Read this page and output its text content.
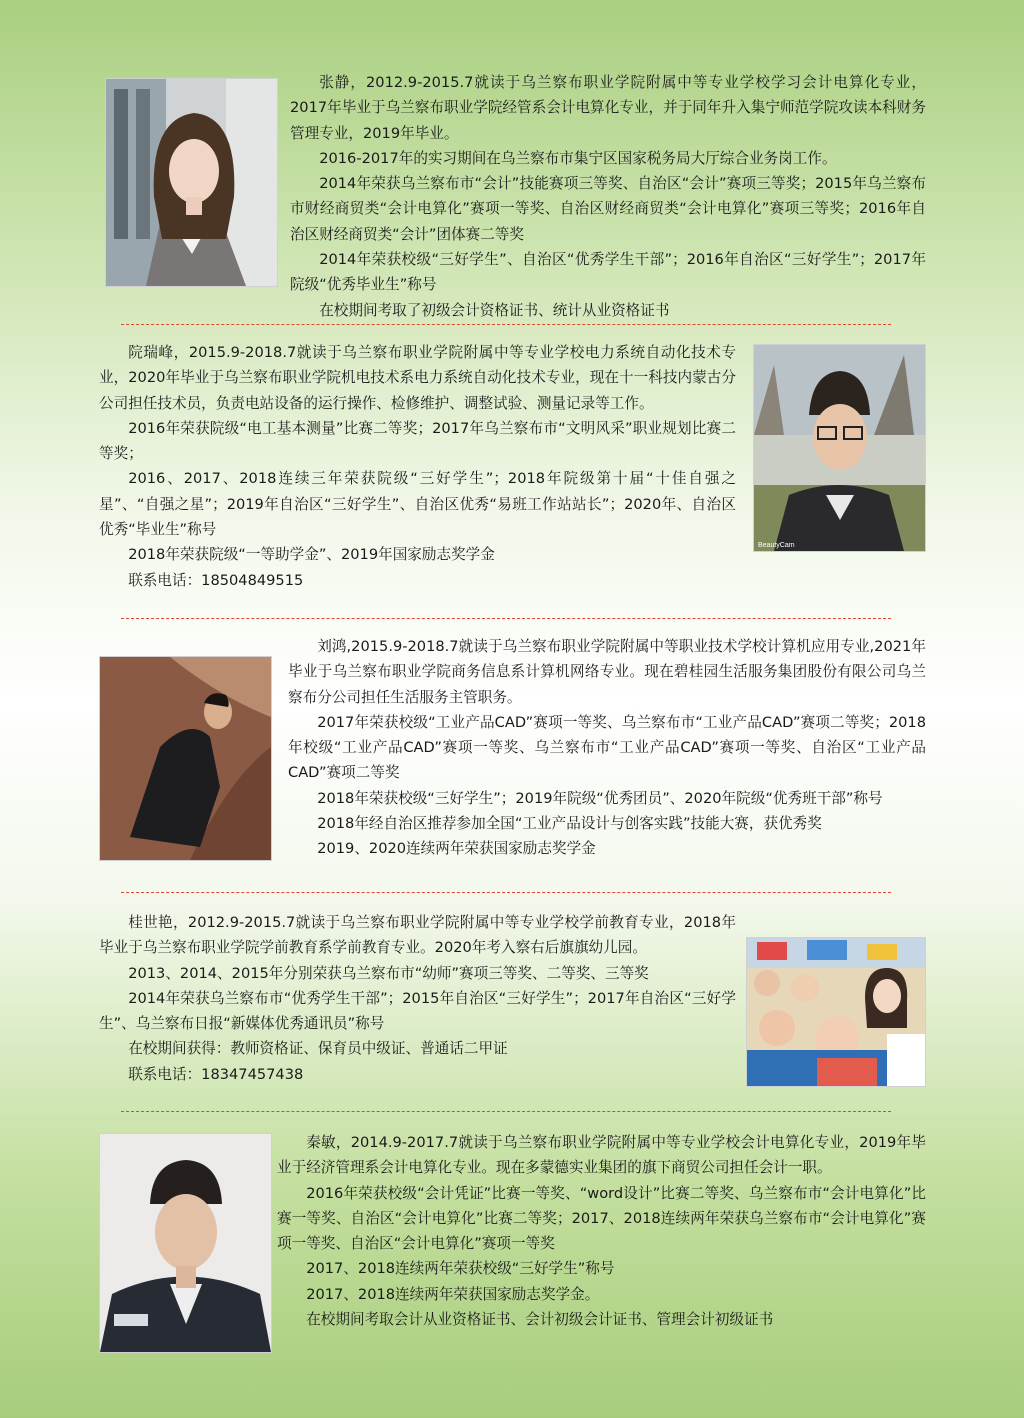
张静，2012.9-2015.7就读于乌兰察布职业学院附属中等专业学校学习会计电算化专业，2017年毕业于乌兰察布职业学院经管系会计电算化专业，并于同年升入集宁师范学院攻读本科财务管理专业，2019年毕业。

2016-2017年的实习期间在乌兰察布市集宁区国家税务局大厅综合业务岗工作。

2014年荣获乌兰察布市“会计”技能赛项三等奖、自治区“会计”赛项三等奖；2015年乌兰察布市财经商贸类“会计电算化”赛项一等奖、自治区财经商贸类“会计电算化”赛项三等奖；2016年自治区财经商贸类“会计”团体赛二等奖

2014年荣获校级“三好学生”、自治区“优秀学生干部”；2016年自治区“三好学生”；2017年院级“优秀毕业生”称号

在校期间考取了初级会计资格证书、统计从业资格证书

院瑞峰，2015.9-2018.7就读于乌兰察布职业学院附属中等专业学校电力系统自动化技术专业，2020年毕业于乌兰察布职业学院机电技术系电力系统自动化技术专业，现在十一科技内蒙古分公司担任技术员，负责电站设备的运行操作、检修维护、调整试验、测量记录等工作。

2016年荣获院级“电工基本测量”比赛二等奖；2017年乌兰察布市“文明风采”职业规划比赛二等奖；

2016、2017、2018连续三年荣获院级“三好学生”；2018年院级第十届“十佳自强之星”、“自强之星”；2019年自治区“三好学生”、自治区优秀“易班工作站站长”；2020年、自治区优秀“毕业生”称号

2018年荣获院级“一等助学金”、2019年国家励志奖学金

联系电话：18504849515

BeautyCam

刘鸿,2015.9-2018.7就读于乌兰察布职业学院附属中等职业技术学校计算机应用专业,2021年毕业于乌兰察布职业学院商务信息系计算机网络专业。现在碧桂园生活服务集团股份有限公司乌兰察布分公司担任生活服务主管职务。

2017年荣获校级“工业产品CAD”赛项一等奖、乌兰察布市“工业产品CAD”赛项二等奖；2018年校级“工业产品CAD”赛项一等奖、乌兰察布市“工业产品CAD”赛项一等奖、自治区“工业产品CAD”赛项二等奖

2018年荣获校级“三好学生”；2019年院级“优秀团员”、2020年院级“优秀班干部”称号

2018年经自治区推荐参加全国“工业产品设计与创客实践”技能大赛，获优秀奖

2019、2020连续两年荣获国家励志奖学金

桂世艳，2012.9-2015.7就读于乌兰察布职业学院附属中等专业学校学前教育专业，2018年毕业于乌兰察布职业学院学前教育系学前教育专业。2020年考入察右后旗旗幼儿园。

2013、2014、2015年分别荣获乌兰察布市“幼师”赛项三等奖、二等奖、三等奖

2014年荣获乌兰察布市“优秀学生干部”；2015年自治区“三好学生”；2017年自治区“三好学生”、乌兰察布日报“新媒体优秀通讯员”称号

在校期间获得：教师资格证、保育员中级证、普通话二甲证

联系电话：18347457438

秦敏，2014.9-2017.7就读于乌兰察布职业学院附属中等专业学校会计电算化专业，2019年毕业于经济管理系会计电算化专业。现在多蒙德实业集团的旗下商贸公司担任会计一职。

2016年荣获校级“会计凭证”比赛一等奖、“word设计”比赛二等奖、乌兰察布市“会计电算化”比赛一等奖、自治区“会计电算化”比赛二等奖；2017、2018连续两年荣获乌兰察布市“会计电算化”赛项一等奖、自治区“会计电算化”赛项一等奖

2017、2018连续两年荣获校级“三好学生”称号

2017、2018连续两年荣获国家励志奖学金。

在校期间考取会计从业资格证书、会计初级会计证书、管理会计初级证书
